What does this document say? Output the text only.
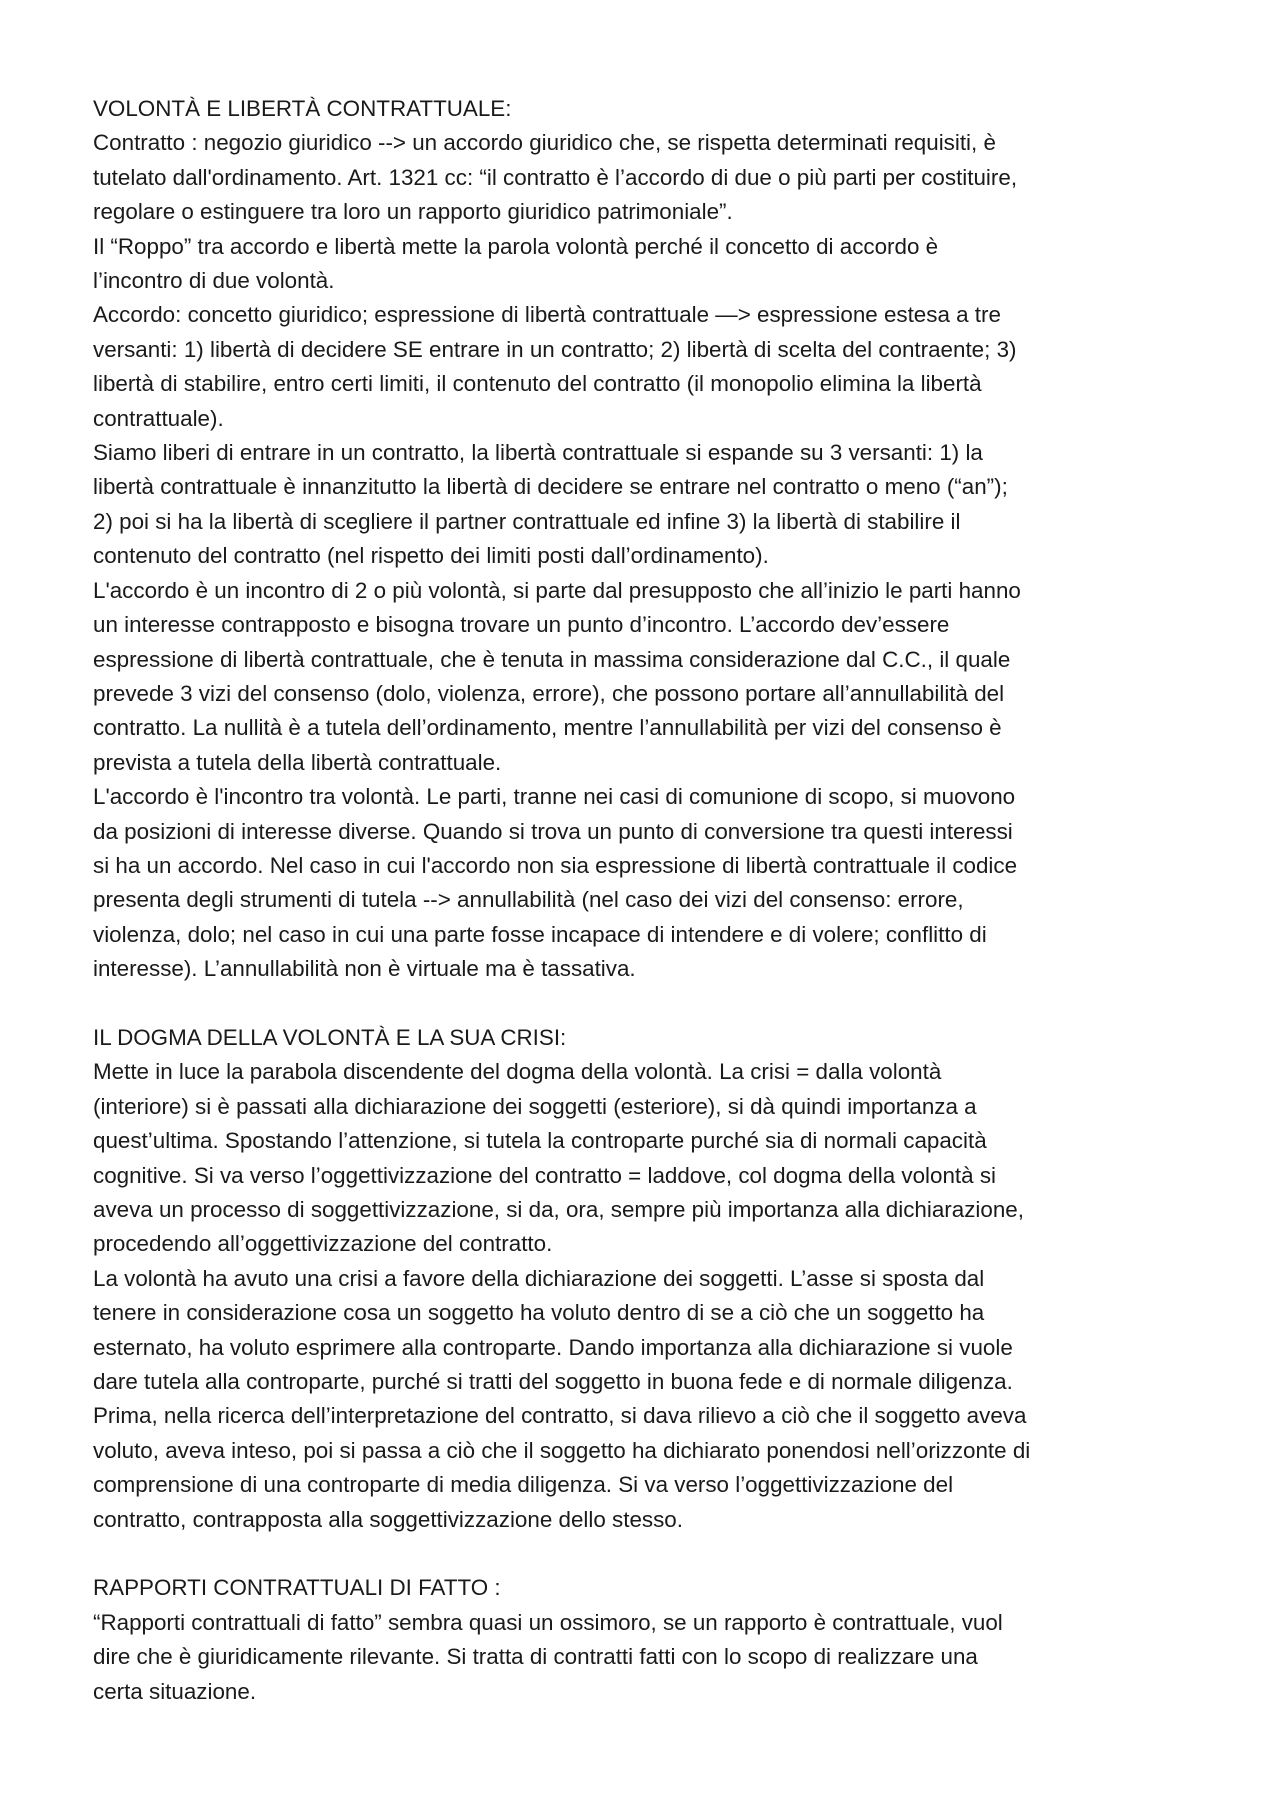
VOLONTÀ E LIBERTÀ CONTRATTUALE:
Contratto : negozio giuridico --> un accordo giuridico che, se rispetta determinati requisiti, è
tutelato dall'ordinamento. Art. 1321 cc: “il contratto è l’accordo di due o più parti per costituire,
regolare o estinguere tra loro un rapporto giuridico patrimoniale”.
Il “Roppo” tra accordo e libertà mette la parola volontà perché il concetto di accordo è
l’incontro di due volontà.
Accordo: concetto giuridico; espressione di libertà contrattuale —> espressione estesa a tre
versanti: 1) libertà di decidere SE entrare in un contratto; 2) libertà di scelta del contraente; 3)
libertà di stabilire, entro certi limiti, il contenuto del contratto (il monopolio elimina la libertà
contrattuale).
Siamo liberi di entrare in un contratto, la libertà contrattuale si espande su 3 versanti: 1) la
libertà contrattuale è innanzitutto la libertà di decidere se entrare nel contratto o meno (“an”);
2) poi si ha la libertà di scegliere il partner contrattuale ed infine 3) la libertà di stabilire il
contenuto del contratto (nel rispetto dei limiti posti dall’ordinamento).
L'accordo è un incontro di 2 o più volontà, si parte dal presupposto che all’inizio le parti hanno
un interesse contrapposto e bisogna trovare un punto d’incontro. L’accordo dev’essere
espressione di libertà contrattuale, che è tenuta in massima considerazione dal C.C., il quale
prevede 3 vizi del consenso (dolo, violenza, errore), che possono portare all’annullabilità del
contratto. La nullità è a tutela dell’ordinamento, mentre l’annullabilità per vizi del consenso è
prevista a tutela della libertà contrattuale.
L'accordo è l'incontro tra volontà. Le parti, tranne nei casi di comunione di scopo, si muovono
da posizioni di interesse diverse. Quando si trova un punto di conversione tra questi interessi
si ha un accordo. Nel caso in cui l'accordo non sia espressione di libertà contrattuale il codice
presenta degli strumenti di tutela --> annullabilità (nel caso dei vizi del consenso: errore,
violenza, dolo; nel caso in cui una parte fosse incapace di intendere e di volere; conflitto di
interesse). L’annullabilità non è virtuale ma è tassativa.
IL DOGMA DELLA VOLONTÀ E LA SUA CRISI:
Mette in luce la parabola discendente del dogma della volontà. La crisi = dalla volontà
(interiore) si è passati alla dichiarazione dei soggetti (esteriore), si dà quindi importanza a
quest’ultima. Spostando l’attenzione, si tutela la controparte purché sia di normali capacità
cognitive. Si va verso l’oggettivizzazione del contratto = laddove, col dogma della volontà si
aveva un processo di soggettivizzazione, si da, ora, sempre più importanza alla dichiarazione,
procedendo all’oggettivizzazione del contratto.
La volontà ha avuto una crisi a favore della dichiarazione dei soggetti. L’asse si sposta dal
tenere in considerazione cosa un soggetto ha voluto dentro di se a ciò che un soggetto ha
esternato, ha voluto esprimere alla controparte. Dando importanza alla dichiarazione si vuole
dare tutela alla controparte, purché si tratti del soggetto in buona fede e di normale diligenza.
Prima, nella ricerca dell’interpretazione del contratto, si dava rilievo a ciò che il soggetto aveva
voluto, aveva inteso, poi si passa a ciò che il soggetto ha dichiarato ponendosi nell’orizzonte di
comprensione di una controparte di media diligenza. Si va verso l’oggettivizzazione del
contratto, contrapposta alla soggettivizzazione dello stesso.
RAPPORTI CONTRATTUALI DI FATTO :
“Rapporti contrattuali di fatto” sembra quasi un ossimoro, se un rapporto è contrattuale, vuol
dire che è giuridicamente rilevante. Si tratta di contratti fatti con lo scopo di realizzare una
certa situazione.
